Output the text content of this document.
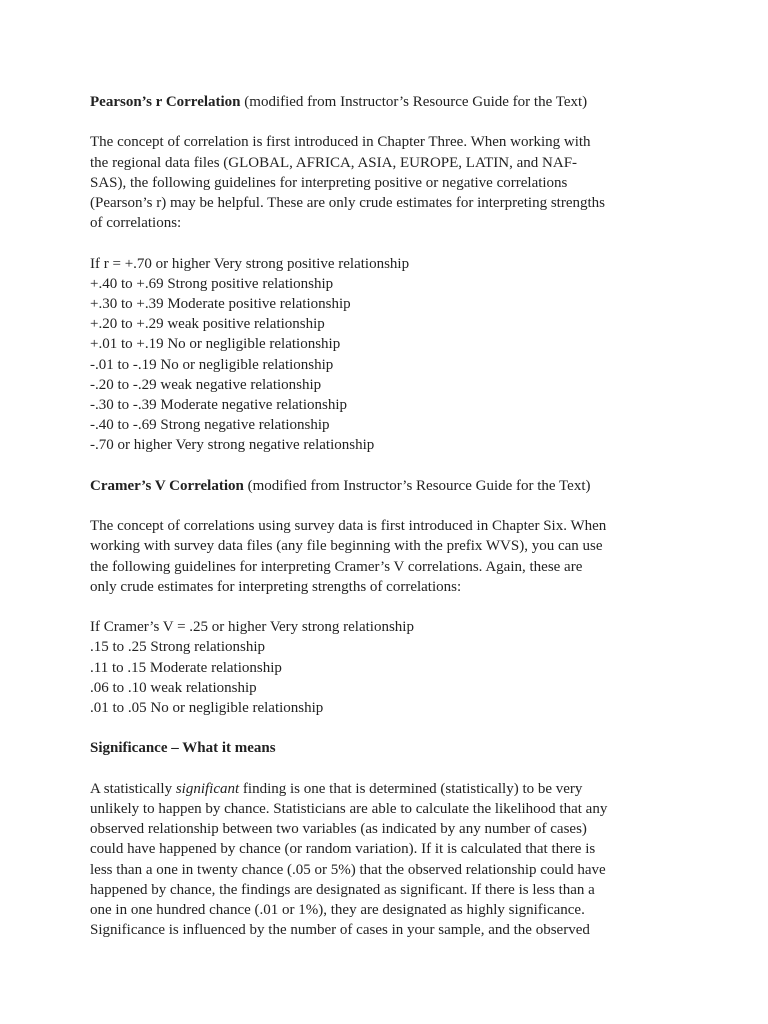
Pearson’s r Correlation (modified from Instructor’s Resource Guide for the Text)
The concept of correlation is first introduced in Chapter Three. When working with
the regional data files (GLOBAL, AFRICA, ASIA, EUROPE, LATIN, and NAF-
SAS), the following guidelines for interpreting positive or negative correlations
(Pearson’s r) may be helpful. These are only crude estimates for interpreting strengths
of correlations:
If r = +.70 or higher Very strong positive relationship
+.40 to +.69 Strong positive relationship
+.30 to +.39 Moderate positive relationship
+.20 to +.29 weak positive relationship
+.01 to +.19 No or negligible relationship
-.01 to -.19 No or negligible relationship
-.20 to -.29 weak negative relationship
-.30 to -.39 Moderate negative relationship
-.40 to -.69 Strong negative relationship
-.70 or higher Very strong negative relationship
Cramer’s V Correlation (modified from Instructor’s Resource Guide for the Text)
The concept of correlations using survey data is first introduced in Chapter Six. When
working with survey data files (any file beginning with the prefix WVS), you can use
the following guidelines for interpreting Cramer’s V correlations. Again, these are
only crude estimates for interpreting strengths of correlations:
If Cramer’s V = .25 or higher Very strong relationship
.15 to .25 Strong relationship
.11 to .15 Moderate relationship
.06 to .10 weak relationship
.01 to .05 No or negligible relationship
Significance – What it means
A statistically significant finding is one that is determined (statistically) to be very
unlikely to happen by chance. Statisticians are able to calculate the likelihood that any
observed relationship between two variables (as indicated by any number of cases)
could have happened by chance (or random variation). If it is calculated that there is
less than a one in twenty chance (.05 or 5%) that the observed relationship could have
happened by chance, the findings are designated as significant. If there is less than a
one in one hundred chance (.01 or 1%), they are designated as highly significance.
Significance is influenced by the number of cases in your sample, and the observed
